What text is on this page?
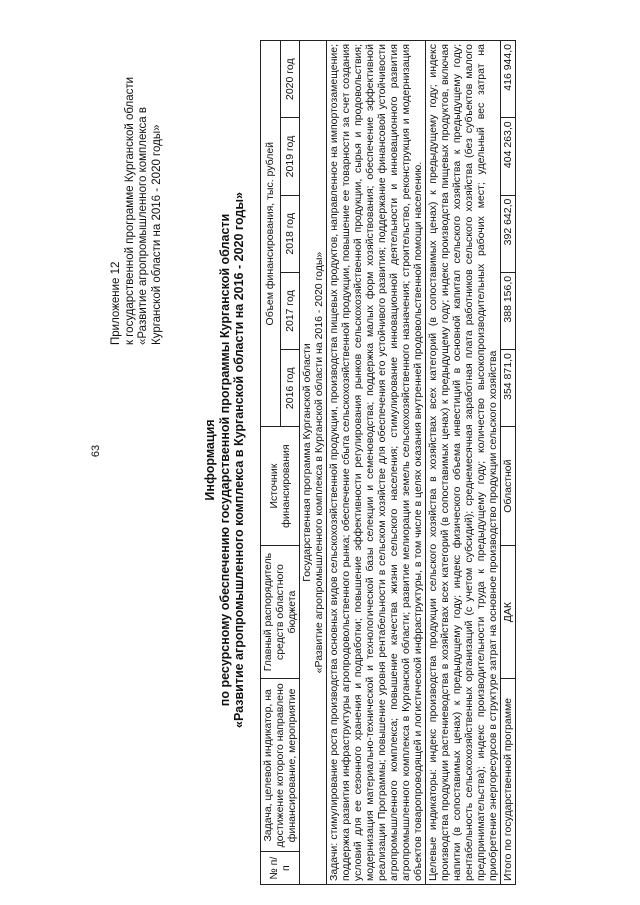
63
Приложение 12 к государственной программе Курганской области «Развитие агропромышленного комплекса в Курганской области на 2016 - 2020 годы»
Информация по ресурсному обеспечению государственной программы Курганской области «Развитие агропромышленного комплекса в Курганской области на 2016 - 2020 годы»
№ п/п	Задача, целевой индикатор, на достижение которого направлено финансирование, мероприятие	Главный распорядитель средств областного бюджета	Источник финансирования	Объем финансирования, тыс. рублей				
				2016 год	2017 год	2018 год	2019 год	2020 год

Государственная программа Курганской области «Развитие агропромышленного комплекса в Курганской области на 2016 - 2020 годы»								

Задачи: стимулирование роста производства основных видов сельскохозяйственной продукции, производства пищевых продуктов, направленное на импортозамещение; поддержка развития инфраструктуры агропродовольственного рынка; обеспечение сбыта сельскохозяйственной продукции, повышение ее товарности за счет создания условий для ее сезонного хранения и подработки; повышение эффективности регулирования рынков сельскохозяйственной продукции, сырья и продовольствия; модернизация материально-технической и технологической базы селекции и семеноводства; поддержка малых форм хозяйствования; обеспечение эффективной реализации Программы; повышение уровня рентабельности в сельском хозяйстве для обеспечения его устойчивого развития; поддержание финансовой устойчивости агропромышленного комплекса; повышение качества жизни сельского населения; стимулирование инновационной деятельности и инновационного развития агропромышленного комплекса в Курганской области; развитие мелиорации земель сельскохозяйственного назначения; строительство, реконструкция и модернизация объектов товаропроводящей и логистической инфраструктуры, в том числе в целях оказания внутренней продовольственной помощи населению.								
Целевые индикаторы: индекс производства продукции сельского хозяйства в хозяйствах всех категорий (в сопоставимых ценах) к предыдущему году; индекс производства продукции растениеводства в хозяйствах всех категорий (в сопоставимых ценах) к предыдущему году; индекс производства пищевых продуктов, включая напитки (в сопоставимых ценах) к предыдущему году; индекс физического объема инвестиций в основной капитал сельского хозяйства к предыдущему году; рентабельность сельскохозяйственных организаций (с учетом субсидий); среднемесячная заработная плата работников сельского хозяйства (без субъектов малого предпринимательства); индекс производительности труда к предыдущему году; количество высокопроизводительных рабочих мест; удельный вес затрат на приобретение энергоресурсов в структуре затрат на основное производство продукции сельского хозяйства								
Итого по государственной программе		ДАК	Областной	354 871,0	388 156,0	392 642,0	404 263,0	416 944,0
